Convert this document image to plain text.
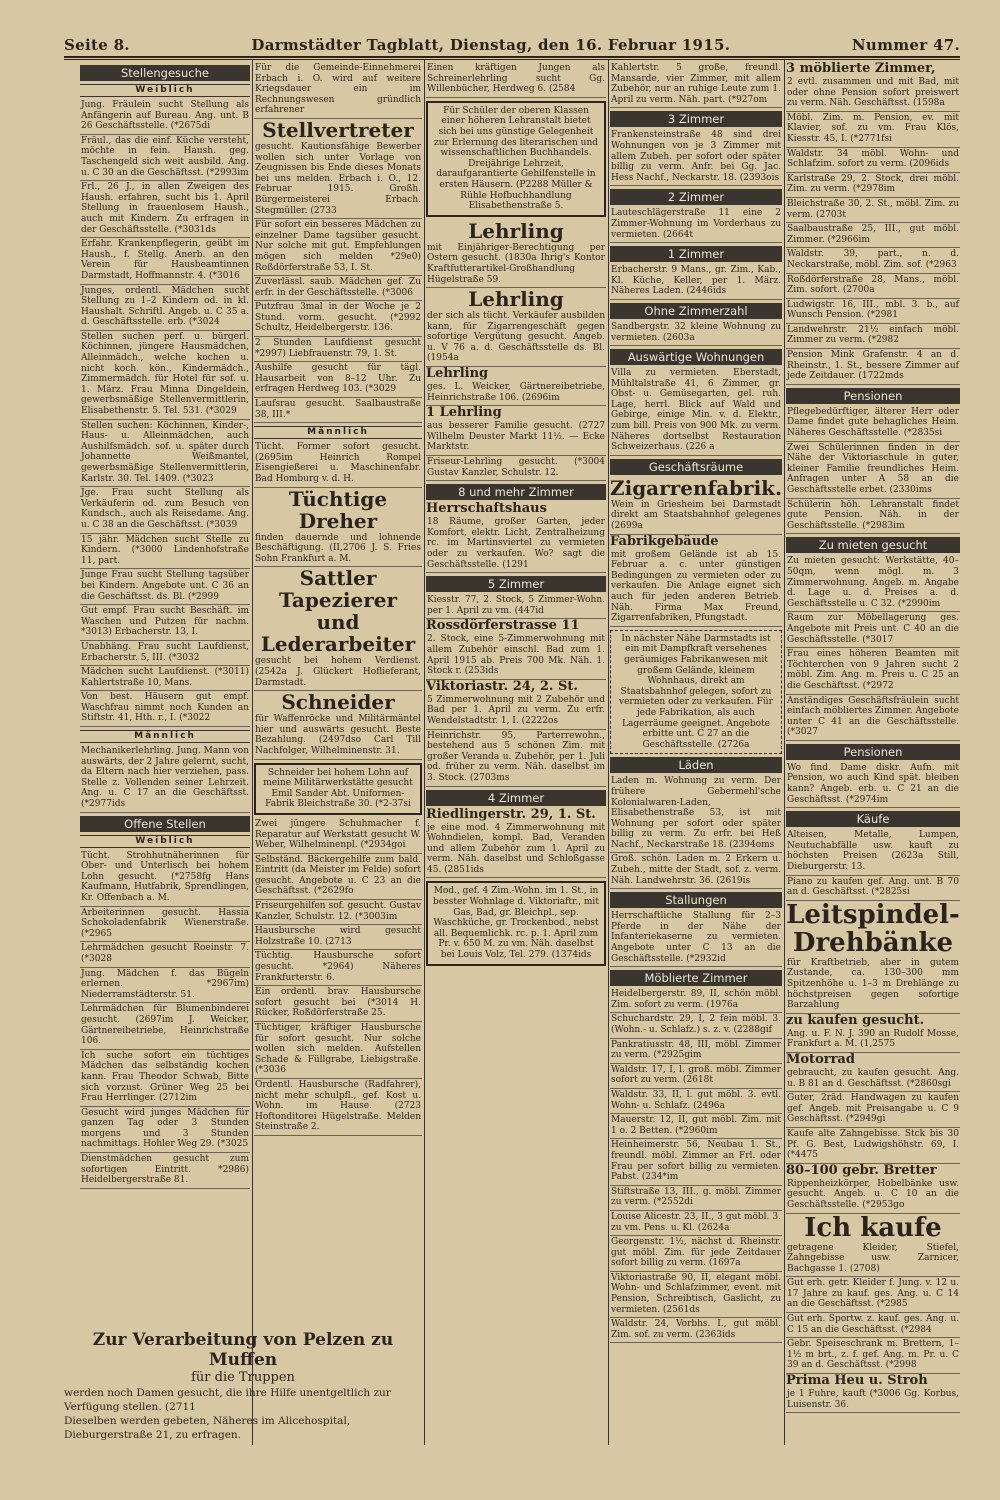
Seite 8.	Darmstädter Tagblatt, Dienstag, den 16. Februar 1915.	Nummer 47.
Stellengesuche
Weiblich
Jung. Fräulein sucht Stellung als Anfängerin auf Bureau. Ang. unt. B 26 Geschäftsstelle. (*2675di
Fräul., das die einf. Küche versteht, möchte in fein. Haush. geg. Taschengeld sich weit ausbild. Ang. u. C 30 an die Geschäftsst. (*2993im
Frl., 26 J., in allen Zweigen des Haush. erfahren, sucht bis 1. April Stellung in frauenlosem Haush., auch mit Kindern. Zu erfragen in der Geschäftsstelle. (*3031ds
Erfahr. Krankenpflegerin, geübt im Haush., f. Stellg. Anerb. an den Verein für Hausbeamtinnen Darmstadt, Hoffmannstr. 4. (*3016
Junges, ordentl. Mädchen sucht Stellung zu 1–2 Kindern od. in kl. Haushalt. Schriftl. Angeb. u. C 35 a. d. Geschäftsstelle. erb. (*3024
Stellen suchen perf. u. bürgerl. Köchinnen, jüngere Hausmädchen, Alleinmädch., welche kochen u. nicht koch. kön., Kindermädch., Zimmermädch. für Hotel für sof. u. 1. März. Frau Minna Dingeldein, gewerbsmäßige Stellenvermittlerin, Elisabethenstr. 5. Tel. 531. (*3029
Stellen suchen: Köchinnen, Kinder-, Haus- u. Alleinmädchen, auch Aushilfsmädch. sof. u. später durch Johannette Weißmantel, gewerbsmäßige Stellenvermittlerin, Karlstr. 30. Tel. 1409. (*3023
Jge. Frau sucht Stellung als Verkäuferin od. zum Besuch von Kundsch., auch als Reisedame. Ang. u. C 38 an die Geschäftsst. (*3039
15 jähr. Mädchen sucht Stelle zu Kindern. (*3000 Lindenhofstraße 11, part.
Junge Frau sucht Stellung tagsüber bei Kindern. Angebote unt. C 36 an die Geschäftsst. ds. Bl. (*2999
Gut empf. Frau sucht Beschäft. im Waschen und Putzen für nachm. *3013) Erbacherstr. 13, I.
Unabhäng. Frau sucht Laufdienst, Erbacherstr. 5, III. (*3032
Mädchen sucht Laufdienst. (*3011) Kahlertstraße 10, Mans.
Von best. Häusern gut empf. Waschfrau nimmt noch Kunden an Stiftstr. 41, Hth. r., I. (*3022
Männlich
Mechanikerlehrling. Jung. Mann von auswärts, der 2 Jahre gelernt, sucht, da Eltern nach hier verziehen, pass. Stelle z. Vollenden seiner Lehrzeit. Ang. u. C 17 an die Geschäftsst. (*2977ids
Offene Stellen
Weiblich
Tücht. Strohhutnäherinnen für Ober- und Unterlisch bei hohem Lohn gesucht. (*2758fg Hans Kaufmann, Hutfabrik, Sprendlingen, Kr. Offenbach a. M.
Arbeiterinnen gesucht. Hassia Schokoladenfabrik Wienerstraße. (*2965
Lehrmädchen gesucht Roeinstr. 7. (*3028
Jung. Mädchen f. das Bügeln erlernen. *2967im) Niederramstädterstr. 51.
Lehrmädchen für Blumenbinderei gesucht. (2697im J. Weicker, Gärtnereibetriebe, Heinrichstraße 106.
Ich suche sofort ein tüchtiges Mädchen das selbständig kochen kann. Frau Theodor Schwab, Bitte sich vorzust. Grüner Weg 25 bei Frau Herrlinger. (2712im
Gesucht wird junges Mädchen für ganzen Tag oder 3 Stunden morgens und 3 Stunden nachmittags. Hohler Weg 29. (*3025
Dienstmädchen gesucht zum sofortigen Eintritt. *2986) Heidelbergerstraße 81.
Für die Gemeinde-Einnehmerei Erbach i. O. wird auf weitere Kriegsdauer ein im Rechnungswesen gründlich erfahrener
Stellvertreter
gesucht. Kautionsfähige Bewerber wollen sich unter Vorlage von Zeugnissen bis Ende dieses Monats bei uns melden. Erbach i. O., 12. Februar 1915. Großh. Bürgermeisterei Erbach. Stegmüller. (2733
Für sofort ein besseres Mädchen zu einzelner Dame tagsüber gesucht. Nur solche mit gut. Empfehlungen mögen sich melden *29e0) Roßdörferstraße 53, I. St.
Zuverlässl. saub. Mädchen gef. Zu erfr. in der Geschäftsstelle. (*3006
Putzfrau 3mal in der Woche je 2 Stund. vorm. gesucht. (*2992 Schultz, Heidelbergerstr. 136.
2 Stunden Laufdienst gesucht *2997) Liebfrauenstr. 79, 1. St.
Aushilfe gesucht für tägl. Hausarbeit von 8–12 Uhr. Zu erfragen Herdweg 103. (*3029
Laufsrau gesucht. Saalbaustraße 38, III.*
Männlich
Tücht. Former sofort gesucht. (2695im Heinrich Rompel Eisengießerei u. Maschinenfabr. Bad Homburg v. d. H.
Tüchtige Dreher
finden dauernde und lohnende Beschäftigung. (II,2706 J. S. Fries Sohn Frankfurt a. M.
Sattler Tapezierer und Lederarbeiter
gesucht bei hohem Verdienst. (2542a J. Glückert Hoflieferant, Darmstadt.
Schneider
für Waffenröcke und Militärmäntel hier und auswärts gesucht. Beste Bezahlung. (2497dso Carl Till Nachfolger, Wilhelminenstr. 31.
Schneider bei hohem Lohn auf meine Militärwerkstätte gesucht Emil Sander Abt. Uniformen-Fabrik Bleichstraße 30. (*2-37si
Zwei jüngere Schuhmacher f. Reparatur auf Werkstatt gesucht W. Weber, Wilhelminenpl. (*2934goi
Selbständ. Bäckergehilfe zum bald. Eintritt (da Meister im Felde) sofort gesucht. Angebote u. C 23 an die Geschäftsst. (*2629fo
Friseurgehilfen sof. gesucht. Gustav Kanzler, Schulstr. 12. (*3003im
Hausbursche wird gesucht Holzstraße 10. (2713
Tüchtig. Hausbursche sofort gesucht. *2964) Näheres Frankfurterstr. 6.
Ein ordentl. brav. Hausbursche sofort gesucht bei (*3014 H. Rücker, Roßdörferstraße 25.
Tüchtiger, kräftiger Hausbursche für sofort gesucht. Nur solche wollen sich melden. Aufstellen Schade & Füllgrabe, Liebigstraße. (*3036
Ordentl. Hausbursche (Radfahrer), nicht mehr schulpfl., gef. Kost u. Wohn. im Hause. (2723 Hoftonditorei Hügelstraße. Melden Steinstraße 2.
Einen kräftigen Jungen als Schreinerlehrling sucht Gg. Willenbücher, Herdweg 6. (2584
Für Schüler der oberen Klassen einer höheren Lehranstalt bietet sich bei uns günstige Gelegenheit zur Erlernung des literarischen und wissenschaftlichen Buchhandels. Dreijährige Lehrzeit, daraufgarantierte Gehilfenstelle in ersten Häusern. (P2288 Müller & Rühle Hofbuchhandlung Elisabethenstraße 5.
Lehrling
mit Einjähriger-Berechtigung per Ostern gesucht. (1830a Ihrig's Kontor Kraftfutterartikel-Großhandlung Hügelstraße 59.
Lehrling
der sich als tücht. Verkäufer ausbilden kann, für Zigarrengeschäft gegen sofortige Vergütung gesucht. Angeb. u. V 76 a. d. Geschäftsstelle ds. Bl. (1954a
Lehrling
ges. L. Weicker, Gärtnereibetriebe, Heinrichstraße 106. (2696im
1 Lehrling
aus besserer Familie gesucht. (2727 Wilhelm Deuster Markt 11½. — Ecke Marktstr.
Friseur-Lehrling gesucht. (*3004 Gustav Kanzler, Schulstr. 12.
8 und mehr Zimmer
Herrschaftshaus
18 Räume, großer Garten, jeder Komfort, elektr. Licht, Zentralheizung rc. im Martinsviertel zu vermieten oder zu verkaufen. Wo? sagt die Geschäftsstelle. (1291
5 Zimmer
Kiesstr. 77, 2. Stock, 5 Zimmer-Wohn. per 1. April zu vm. (447id
Rossdörferstrasse 11
2. Stock, eine 5-Zimmerwohnung mit allem Zubehör einschl. Bad zum 1. April 1915 ab. Preis 700 Mk. Näh. 1. Stock r. (253ids
Viktoriastr. 24, 2. St.
5 Zimmerwohnung mit 2 Zubehör und Bad per 1. April zu verm. Zu erfr. Wendelstadtstr. 1, I. (2222os
Heinrichstr. 95, Parterrewohn., bestehend aus 5 schönen Zim. mit großer Veranda u. Zubehör, per 1. Juli od. früher zu verm. Näh. daselbst im 3. Stock. (2703ms
4 Zimmer
Riedlingerstr. 29, 1. St.
je eine mod. 4 Zimmerwohnung mit Wohndielen, kompl. Bad, Veranden und allem Zubehör zum 1. April zu verm. Näh. daselbst und Schloßgasse 45. (2851ids
Mod., gef. 4 Zim.-Wohn. im 1. St., in besster Wohnlage d. Viktoriaftr., mit Gas, Bad, gr. Bleichpl., sep. Waschküche, gr. Trockenbod., nebst all. Bequemlichk. rc. p. 1. April zum Pr. v. 650 M. zu vm. Näh. daselbst bei Louis Volz, Tel. 279. (1374ids
Kahlertstr. 5 große, freundl. Mansarde, vier Zimmer, mit allem Zubehör, nur an ruhige Leute zum 1. April zu verm. Näh. part. (*927om
3 Zimmer
Frankensteinstraße 48 sind drei Wohnungen von je 3 Zimmer mit allem Zubeh. per sofort oder später billig zu verm. Anfr. bei Gg. Jac. Hess Nachf., Neckarstr. 18. (2393ois
2 Zimmer
Lauteschlägerstraße 11 eine 2 Zimmer-Wohnung im Vorderhaus zu vermieten. (2664t
1 Zimmer
Erbacherstr. 9 Mans., gr. Zim., Kab., Kl. Küche, Keller, per 1. März. Näheres Laden. (2446ids
Ohne Zimmerzahl
Sandbergstr. 32 kleine Wohnung zu vermieten. (2603a
Auswärtige Wohnungen
Villa zu vermieten. Eberstadt, Mühltalstraße 41, 6 Zimmer, gr. Obst- u. Gemüsegarten, gel. ruh. Lage, herrl. Blick auf Wald und Gebirge, einige Min. v. d. Elektr., zum bill. Preis von 900 Mk. zu verm. Näheres dortselbst Restauration Schweizerhaus. (226 a
Geschäftsräume
Zigarrenfabrik.
Wein in Griesheim bei Darmstadt direkt am Staatsbahnhof gelegenes (2699a
Fabrikgebäude
mit großem Gelände ist ab 15. Februar a. c. unter günstigen Bedingungen zu vermieten oder zu verkaufen. Die Anlage eignet sich auch für jeden anderen Betrieb. Näh. Firma Max Freund, Zigarrenfabriken, Pfungstadt.
In nächster Nähe Darmstadts ist ein mit Dampfkraft versehenes geräumiges Fabrikanwesen mit großem Gelände, kleinem Wohnhaus, direkt am Staatsbahnhof gelegen, sofort zu vermieten oder zu verkaufen. Für jede Fabrikation, als auch Lagerräume geeignet. Angebote erbitte unt. C 27 an die Geschäftsstelle. (2726a
Läden
Laden m. Wohnung zu verm. Der frühere Gebermehl'sche Kolonialwaren-Laden, Elisabethenstraße 53, ist mit Wohnung per sofort oder später billig zu verm. Zu erfr. bei Heß Nachf., Neckarstraße 18. (2394oms
Groß. schön. Laden m. 2 Erkern u. Zubeh., mitte der Stadt, sof. z. verm. Näh. Landwehrstr. 36. (2619is
Stallungen
Herrschaftliche Stallung für 2–3 Pferde in der Nähe der Infanteriekaserne zu vermieten. Angebote unter C 13 an die Geschäftsstelle. (*2932id
Möblierte Zimmer
Heidelbergerstr. 89, II, schön möbl. Zim. sofort zu verm. (1976a
Schuchardstr. 29, I, 2 fein möbl. 3. (Wohn.- u. Schlafz.) s. z. v. (2288gif
Pankratiusstr. 48, III, möbl. Zimmer zu verm. (*2925gim
Waldstr. 17, I, l. groß. möbl. Zimmer sofort zu verm. (2618t
Waldstr. 33, II, l. gut möbl. 3. evtl. Wohn- u. Schlafz. (2496a
Mauerstr. 12, II, gut möbl. Zim. mit 1 o. 2 Betten. (*2960im
Heinheimerstr. 56, Neubau 1. St., freundl. möbl. Zimmer an Frl. oder Frau per sofort billig zu vermieten. Pabst. (234*im
Stiftstraße 13, III., g. möbl. Zimmer zu verm. (*2552di
Louise Alicestr. 23, II., 3 gut möbl. 3. zu vm. Pens. u. Kl. (2624a
Georgenstr. 1½, nächst d. Rheinstr. gut möbl. Zim. für jede Zeitdauer sofort billig zu verm. (1697a
Viktoriastraße 90, II, elegant möbl. Wohn- und Schlafzimmer, event. mit Pension, Schreibtisch, Gaslicht, zu vermieten. (2561ds
Waldstr. 24, Vorbhs. I., gut möbl. Zim. sof. zu verm. (2363ids
3 möblierte Zimmer,
2 evtl. zusammen und mit Bad, mit oder ohne Pension sofort preiswert zu verm. Näh. Geschäftsst. (1598a
Möbl. Zim. m. Pension, ev. mit Klavier, sof. zu vm. Frau Klös, Kiesstr. 45, I. (*2771fsi
Waldstr. 34 möbl. Wohn- und Schlafzim. sofort zu verm. (2096ids
Karlstraße 29, 2. Stock, drei möbl. Zim. zu verm. (*2978im
Bleichstraße 30, 2. St., möbl. Zim. zu verm. (2703t
Saalbaustraße 25, III., gut möbl. Zimmer. (*2966im
Waldstr. 39, part., n. d. Neckarstraße, möbl. Zim. sof. (*2963
Roßdörferstraße 28, Mans., möbl. Zim. sofort. (2700a
Ludwigstr. 16, III., mbl. 3. b., auf Wunsch Pension. (*2981
Landwehrstr. 21½ einfach möbl. Zimmer zu verm. (*2982
Pension Mink Grafenstr. 4 an d. Rheinstr., 1. St., bessere Zimmer auf jede Zeitdauer. (1722mds
Pensionen
Pflegebedürftiger, älterer Herr oder Dame findet gute behagliches Heim. Näheres Geschäftsstelle. (*2835si
Zwei Schülerinnen finden in der Nähe der Viktoriaschule in guter, kleiner Familie freundliches Heim. Anfragen unter A 58 an die Geschäftsstelle erbet. (2330ims
Schülerin höh. Lehranstalt findet gute Pension. Näh. in der Geschäftsstelle. (*2983im
Zu mieten gesucht
Zu mieten gesucht: Werkstätte, 40–50qm, wenn mögl. m. 3 Zimmerwohnung. Angeb. m. Angabe d. Lage u. d. Preises a. d. Geschäftsstelle u. C 32. (*2990im
Raum zur Möbellagerung ges. Angebote mit Preis unt. C 40 an die Geschäftsstelle. (*3017
Frau eines höheren Beamten mit Töchterchen von 9 Jahren sucht 2 möbl. Zim. Ang. m. Preis u. C 25 an die Geschäftsst. (*2972
Anständiges Geschäftsfräulein sucht einfach möbliertes Zimmer. Angebote unter C 41 an die Geschäftsstelle. (*3027
Pensionen
Wo find. Dame diskr. Aufn. mit Pension, wo auch Kind spät. bleiben kann? Angeb. erb. u. C 21 an die Geschäftsst. (*2974im
Käufe
Alteisen, Metalle, Lumpen, Neutuchabfälle usw. kauft zu höchsten Preisen (2623a Still, Dieburgerstr. 13.
Piano zu kaufen gef. Ang. unt. B 70 an d. Geschäftsst. (*2825si
Leitspindel-Drehbänke
für Kraftbetrieb, aber in gutem Zustande, ca. 130–300 mm Spitzenhöhe u. 1–3 m Drehlänge zu höchstpreisen gegen sofortige Barzahlung
zu kaufen gesucht.
Ang. u. F. N. J. 390 an Rudolf Mosse, Frankfurt a. M. (1,2575
Motorrad
gebraucht, zu kaufen gesucht. Ang. u. B 81 an d. Geschäftsst. (*2860sgi
Guter, 2rād. Handwagen zu kaufen gef. Angeb. mit Preisangabe u. C 9 Geschäftsst. (*2949gi
Kaufe alte Zahngebisse. Stck bis 30 Pf. G. Best, Ludwigshöhstr. 69, I. (*4475
80–100 gebr. Bretter
Rippenheizkörper, Hobelbänke usw. gesucht. Angeb. u. C 10 an die Geschäftsstelle. (*2953go
Ich kaufe
getragene Kleider, Stiefel, Zahngebisse usw. Zarnicer, Bachgasse 1. (2708)
Gut erh. getr. Kleider f. Jung. v. 12 u. 17 Jahre zu kauf. ges. Ang. u. C 14 an die Geschäftsst. (*2985
Gut erh. Sportw. z. kauf. ges. Ang. u. C 15 an die Geschäftsst. (*2984
Gebr. Speiseschrank m. Brettern, 1–1½ m brt., z. f. gef. Ang. m. Pr. u. C 39 an d. Geschäftsst. (*2998
Prima Heu u. Stroh
je 1 Fuhre, kauft (*3006 Gg. Korbus, Luisenstr. 36.
Zur Verarbeitung von Pelzen zu Muffen
für die Truppen
werden noch Damen gesucht, die ihre Hilfe unentgeltlich zur Verfügung stellen. (2711
Dieselben werden gebeten, Näheres im Alicehospital, Dieburgerstraße 21, zu erfragen.
